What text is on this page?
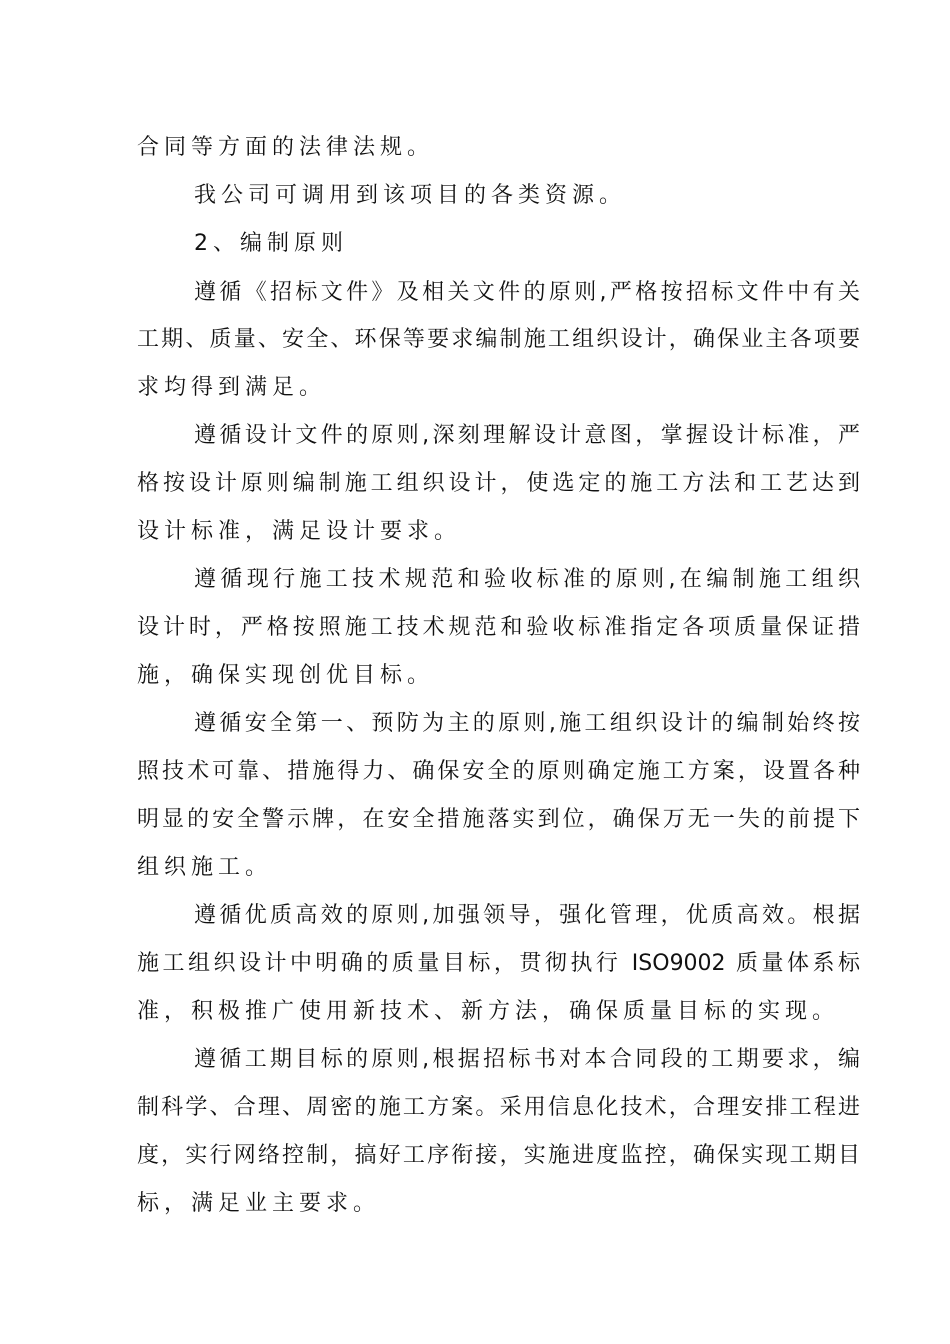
合同等方面的法律法规。
我公司可调用到该项目的各类资源。
2、编制原则
遵循《招标文件》及相关文件的原则,严格按招标文件中有关
工期、质量、安全、环保等要求编制施工组织设计，确保业主各项要
求均得到满足。
遵循设计文件的原则,深刻理解设计意图，掌握设计标准，严
格按设计原则编制施工组织设计，使选定的施工方法和工艺达到
设计标准，满足设计要求。
遵循现行施工技术规范和验收标准的原则,在编制施工组织
设计时，严格按照施工技术规范和验收标准指定各项质量保证措
施，确保实现创优目标。
遵循安全第一、预防为主的原则,施工组织设计的编制始终按
照技术可靠、措施得力、确保安全的原则确定施工方案，设置各种
明显的安全警示牌，在安全措施落实到位，确保万无一失的前提下
组织施工。
遵循优质高效的原则,加强领导，强化管理，优质高效。根据
施工组织设计中明确的质量目标，贯彻执行 ISO9002 质量体系标
准，积极推广使用新技术、新方法，确保质量目标的实现。
遵循工期目标的原则,根据招标书对本合同段的工期要求，编
制科学、合理、周密的施工方案。采用信息化技术，合理安排工程进
度，实行网络控制，搞好工序衔接，实施进度监控，确保实现工期目
标，满足业主要求。
